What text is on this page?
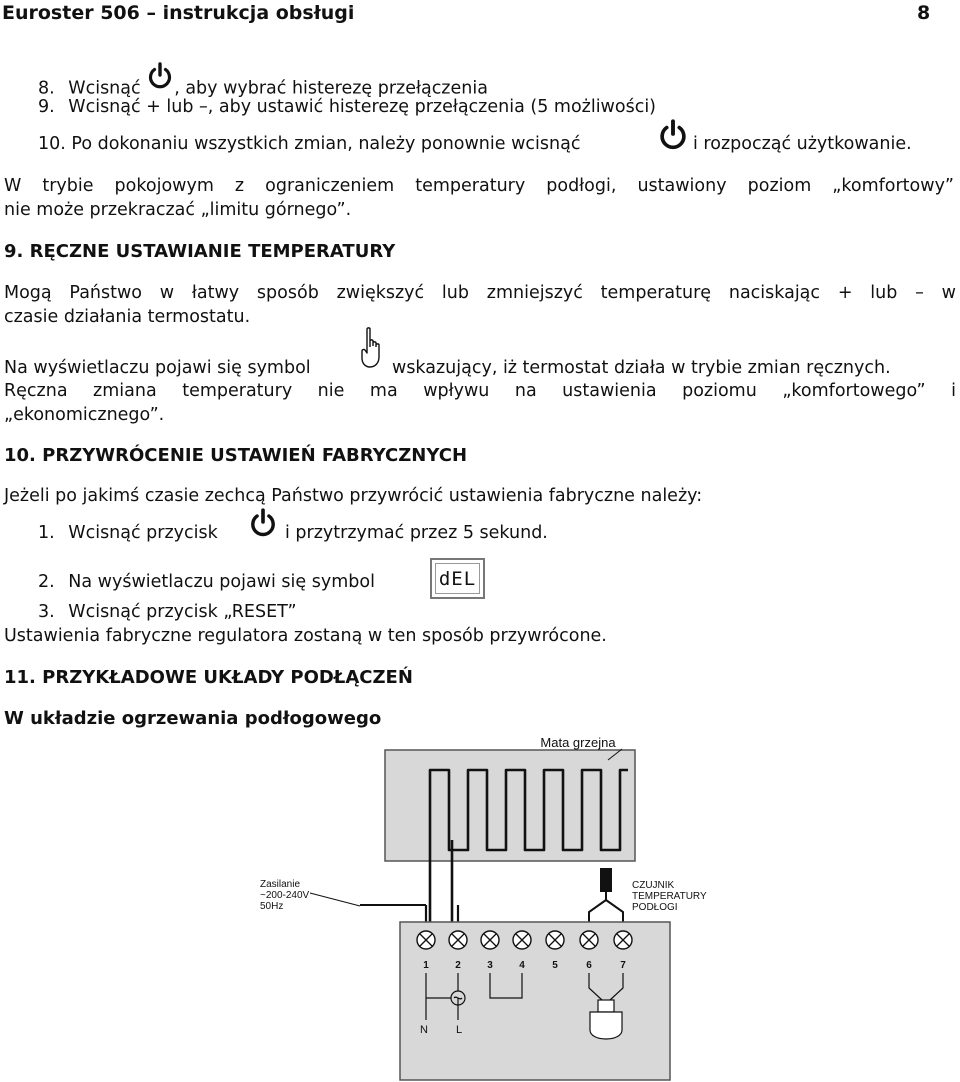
Euroster 506 – instrukcja obsługi	8
8. Wcisnąć , aby wybrać histerezę przełączenia
9. Wcisnąć + lub –, aby ustawić histerezę przełączenia (5 możliwości)
10. Po dokonaniu wszystkich zmian, należy ponownie wcisnąć	i rozpocząć użytkowanie.
W trybie pokojowym z ograniczeniem temperatury podłogi, ustawiony poziom „komfortowy”
nie może przekraczać „limitu górnego”.
9. RĘCZNE USTAWIANIE TEMPERATURY
Mogą Państwo w łatwy sposób zwiększyć lub zmniejszyć temperaturę naciskając + lub – w
czasie działania termostatu.
Na wyświetlaczu pojawi się symbol	wskazujący, iż termostat działa w trybie zmian ręcznych.
Ręczna zmiana temperatury nie ma wpływu na ustawienia poziomu „komfortowego” i
„ekonomicznego”.
10. PRZYWRÓCENIE USTAWIEŃ FABRYCZNYCH
Jeżeli po jakimś czasie zechcą Państwo przywrócić ustawienia fabryczne należy:
1. Wcisnąć przycisk	i przytrzymać przez 5 sekund.
2. Na wyświetlaczu pojawi się symbol	dEL
3. Wcisnąć przycisk „RESET”
Ustawienia fabryczne regulatora zostaną w ten sposób przywrócone.
11. PRZYKŁADOWE UKŁADY PODŁĄCZEŃ
W układzie ogrzewania podłogowego
Mata grzejna
Zasilanie
~200-240V
50Hz
CZUJNIK
TEMPERATURY
PODŁOGI
1	2	3	4	5	6	7
N	L
